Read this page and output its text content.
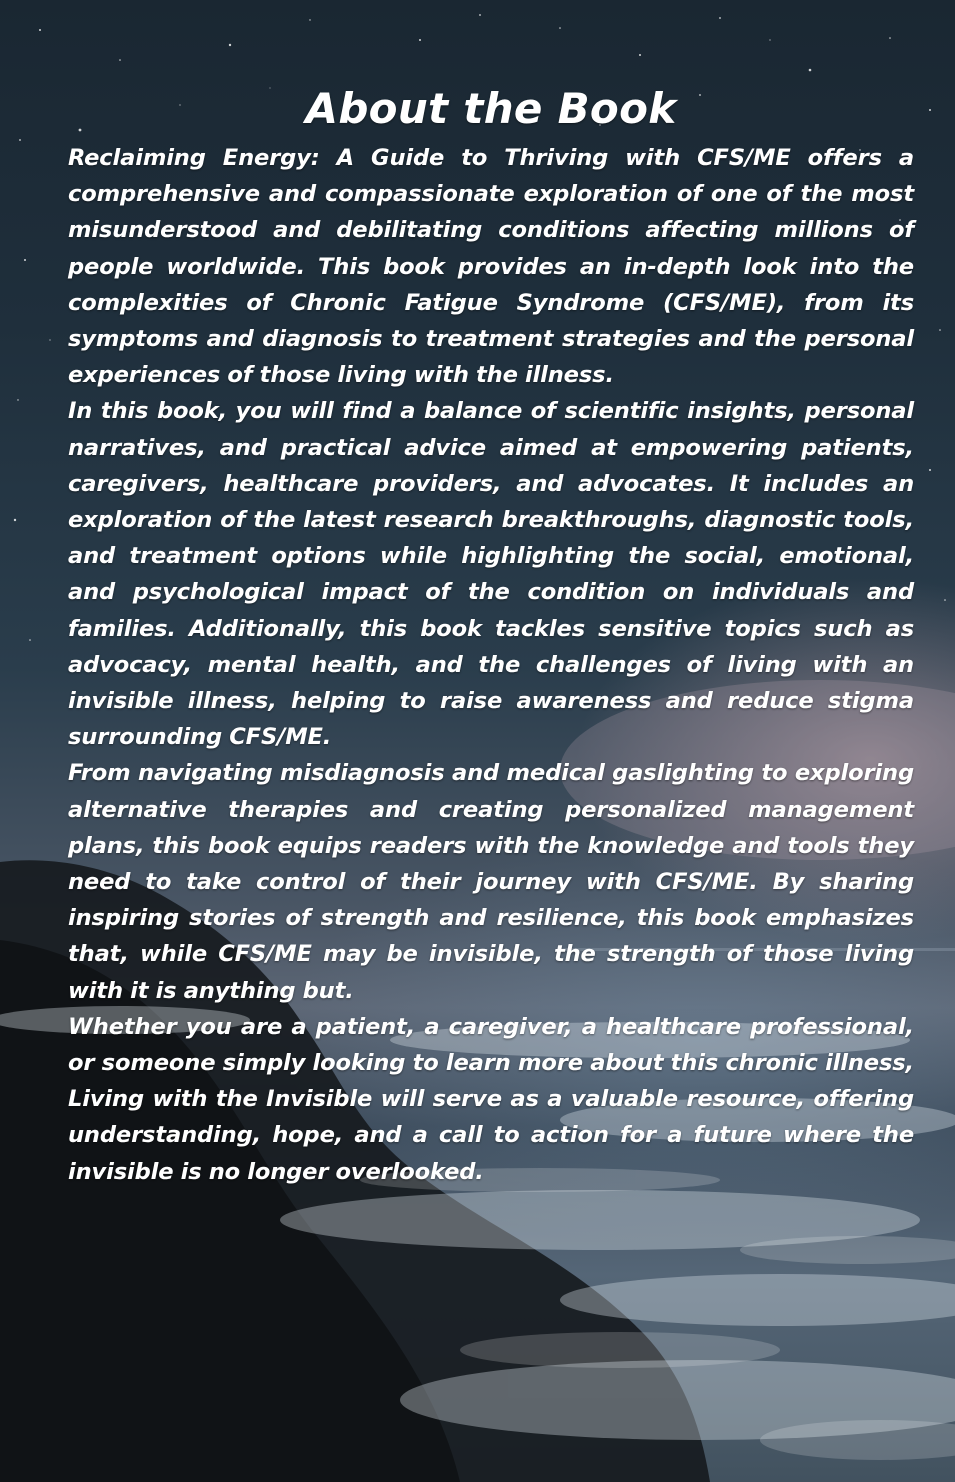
About the Book

Reclaiming Energy: A Guide to Thriving with CFS/ME offers a comprehensive and compassionate exploration of one of the most misunderstood and debilitating conditions affecting millions of people worldwide. This book provides an in-depth look into the complexities of Chronic Fatigue Syndrome (CFS/ME), from its symptoms and diagnosis to treatment strategies and the personal experiences of those living with the illness.

In this book, you will find a balance of scientific insights, personal narratives, and practical advice aimed at empowering patients, caregivers, healthcare providers, and advocates. It includes an exploration of the latest research breakthroughs, diagnostic tools, and treatment options while highlighting the social, emotional, and psychological impact of the condition on individuals and families. Additionally, this book tackles sensitive topics such as advocacy, mental health, and the challenges of living with an invisible illness, helping to raise awareness and reduce stigma surrounding CFS/ME.

From navigating misdiagnosis and medical gaslighting to exploring alternative therapies and creating personalized management plans, this book equips readers with the knowledge and tools they need to take control of their journey with CFS/ME. By sharing inspiring stories of strength and resilience, this book emphasizes that, while CFS/ME may be invisible, the strength of those living with it is anything but.

Whether you are a patient, a caregiver, a healthcare professional, or someone simply looking to learn more about this chronic illness, Living with the Invisible will serve as a valuable resource, offering understanding, hope, and a call to action for a future where the invisible is no longer overlooked.
